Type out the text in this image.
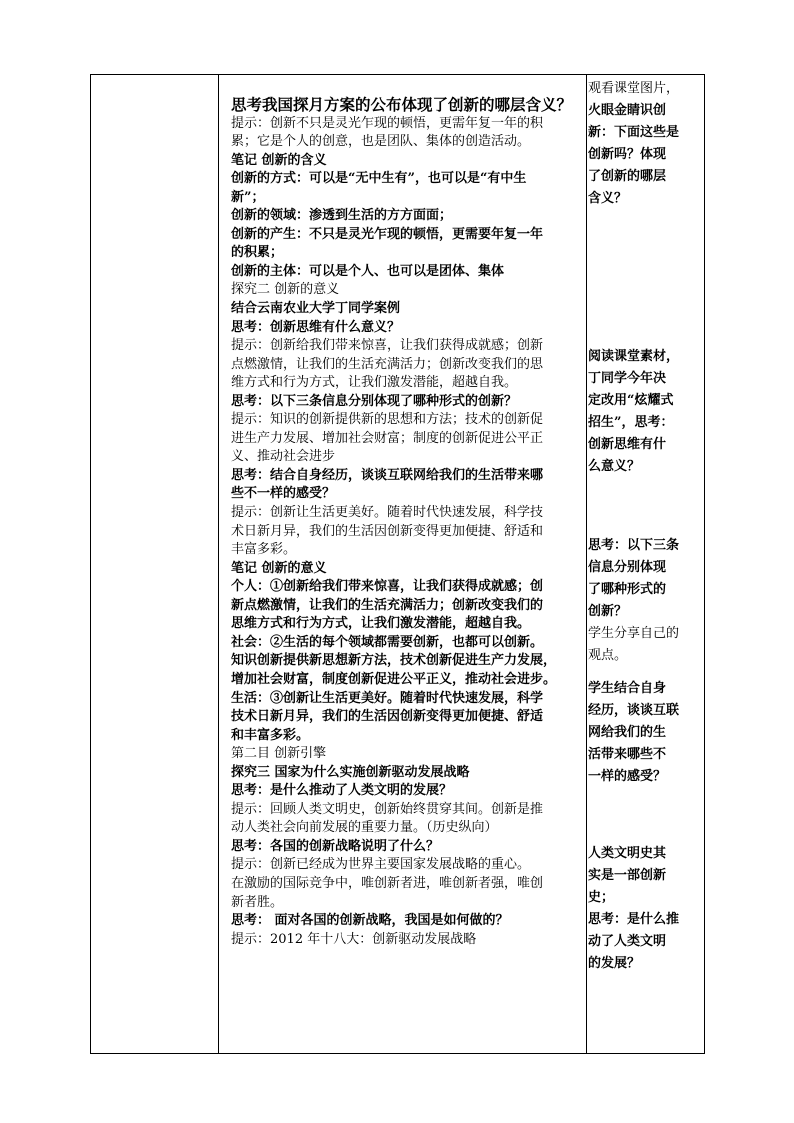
思考我国探月方案的公布体现了创新的哪层含义？
提示：创新不只是灵光乍现的顿悟，更需年复一年的积
累；它是个人的创意，也是团队、集体的创造活动。
笔记 创新的含义
创新的方式：可以是“无中生有”，也可以是“有中生
新”；
创新的领域：渗透到生活的方方面面；
创新的产生：不只是灵光乍现的顿悟，更需要年复一年
的积累；
创新的主体：可以是个人、也可以是团体、集体
探究二 创新的意义
结合云南农业大学丁同学案例
思考：创新思维有什么意义？
提示：创新给我们带来惊喜，让我们获得成就感；创新
点燃激情，让我们的生活充满活力；创新改变我们的思
维方式和行为方式，让我们激发潜能，超越自我。
思考：以下三条信息分别体现了哪种形式的创新？
提示：知识的创新提供新的思想和方法；技术的创新促
进生产力发展、增加社会财富；制度的创新促进公平正
义、推动社会进步
思考：结合自身经历，谈谈互联网给我们的生活带来哪
些不一样的感受？
提示：创新让生活更美好。随着时代快速发展，科学技
术日新月异，我们的生活因创新变得更加便捷、舒适和
丰富多彩。
笔记 创新的意义
个人：①创新给我们带来惊喜，让我们获得成就感；创
新点燃激情，让我们的生活充满活力；创新改变我们的
思维方式和行为方式，让我们激发潜能，超越自我。
社会：②生活的每个领域都需要创新，也都可以创新。
知识创新提供新思想新方法，技术创新促进生产力发展，
增加社会财富，制度创新促进公平正义，推动社会进步。
生活：③创新让生活更美好。随着时代快速发展，科学
技术日新月异，我们的生活因创新变得更加便捷、舒适
和丰富多彩。
第二目 创新引擎
探究三 国家为什么实施创新驱动发展战略
思考：是什么推动了人类文明的发展？
提示：回顾人类文明史，创新始终贯穿其间。创新是推
动人类社会向前发展的重要力量。（历史纵向）
思考：各国的创新战略说明了什么？
提示：创新已经成为世界主要国家发展战略的重心。
在激励的国际竞争中，唯创新者进，唯创新者强，唯创
新者胜。
思考： 面对各国的创新战略，我国是如何做的？
提示：2012 年十八大：创新驱动发展战略
观看课堂图片，
火眼金睛识创
新：下面这些是
创新吗？体现
了创新的哪层
含义？
阅读课堂素材，
丁同学今年决
定改用“炫耀式
招生”，思考：
创新思维有什
么意义？
思考：以下三条
信息分别体现
了哪种形式的
创新？
学生分享自己的
观点。
学生结合自身
经历，谈谈互联
网给我们的生
活带来哪些不
一样的感受？
人类文明史其
实是一部创新
史；
思考：是什么推
动了人类文明
的发展？
